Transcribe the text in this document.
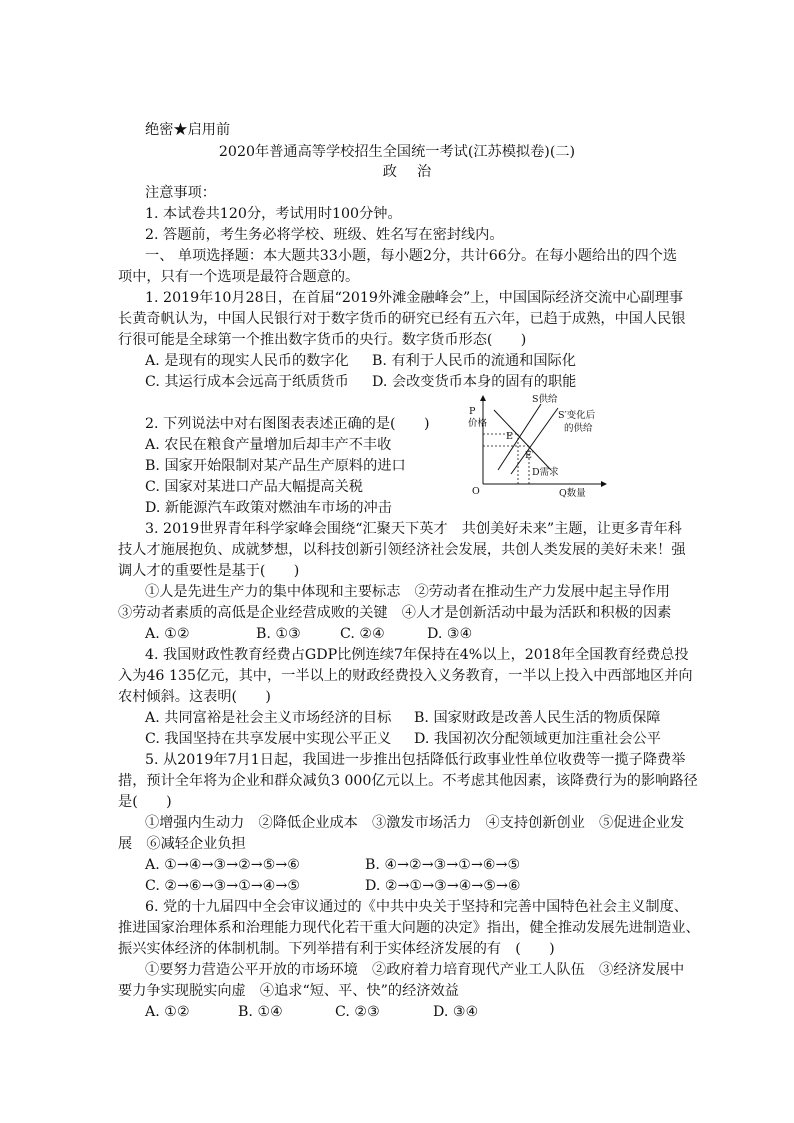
绝密★启用前
2020年普通高等学校招生全国统一考试(江苏模拟卷)(二)
政治
注意事项：
1. 本试卷共120分，考试用时100分钟。
2. 答题前，考生务必将学校、班级、姓名写在密封线内。
一、 单项选择题：本大题共33小题，每小题2分，共计66分。在每小题给出的四个选
项中，只有一个选项是最符合题意的。
1. 2019年10月28日，在首届“2019外滩金融峰会”上，中国国际经济交流中心副理事
长黄奇帆认为，中国人民银行对于数字货币的研究已经有五六年，已趋于成熟，中国人民银
行很可能是全球第一个推出数字货币的央行。数字货币形态(　　)
A. 是现有的现实人民币的数字化 B. 有利于人民币的流通和国际化
C. 其运行成本会远高于纸质货币 D. 会改变货币本身的固有的职能
2. 下列说法中对右图图表表述正确的是(　　)
A. 农民在粮食产量增加后却丰产不丰收
B. 国家开始限制对某产品生产原料的进口
C. 国家对某进口产品大幅提高关税
D. 新能源汽车政策对燃油车市场的冲击
P
价格
S供给
S′变化后
的供给
E
E′
D需求
O	Q数量
3. 2019世界青年科学家峰会围绕“汇聚天下英才　共创美好未来”主题，让更多青年科
技人才施展抱负、成就梦想，以科技创新引领经济社会发展，共创人类发展的美好未来！强
调人才的重要性是基于(　　)
①人是先进生产力的集中体现和主要标志　②劳动者在推动生产力发展中起主导作用
③劳动者素质的高低是企业经营成败的关键　④人才是创新活动中最为活跃和积极的因素
A. ①②	B. ①③	C. ②④	D. ③④
4. 我国财政性教育经费占GDP比例连续7年保持在4%以上，2018年全国教育经费总投
入为46 135亿元，其中，一半以上的财政经费投入义务教育，一半以上投入中西部地区并向
农村倾斜。这表明(　　)
A. 共同富裕是社会主义市场经济的目标 B. 国家财政是改善人民生活的物质保障
C. 我国坚持在共享发展中实现公平正义 D. 我国初次分配领域更加注重社会公平
5. 从2019年7月1日起，我国进一步推出包括降低行政事业性单位收费等一揽子降费举
措，预计全年将为企业和群众减负3 000亿元以上。不考虑其他因素，该降费行为的影响路径
是(　　)
①增强内生动力　②降低企业成本　③激发市场活力　④支持创新创业　⑤促进企业发
展　⑥减轻企业负担
A. ①→④→③→②→⑤→⑥	B. ④→②→③→①→⑥→⑤
C. ②→⑥→③→①→④→⑤	D. ②→①→③→④→⑤→⑥
6. 党的十九届四中全会审议通过的《中共中央关于坚持和完善中国特色社会主义制度、
推进国家治理体系和治理能力现代化若干重大问题的决定》指出，健全推动发展先进制造业、
振兴实体经济的体制机制。下列举措有利于实体经济发展的有　(　　)
①要努力营造公平开放的市场环境　②政府着力培育现代产业工人队伍　③经济发展中
要力争实现脱实向虚　④追求“短、平、快”的经济效益
A. ①②	B. ①④	C. ②③	D. ③④
